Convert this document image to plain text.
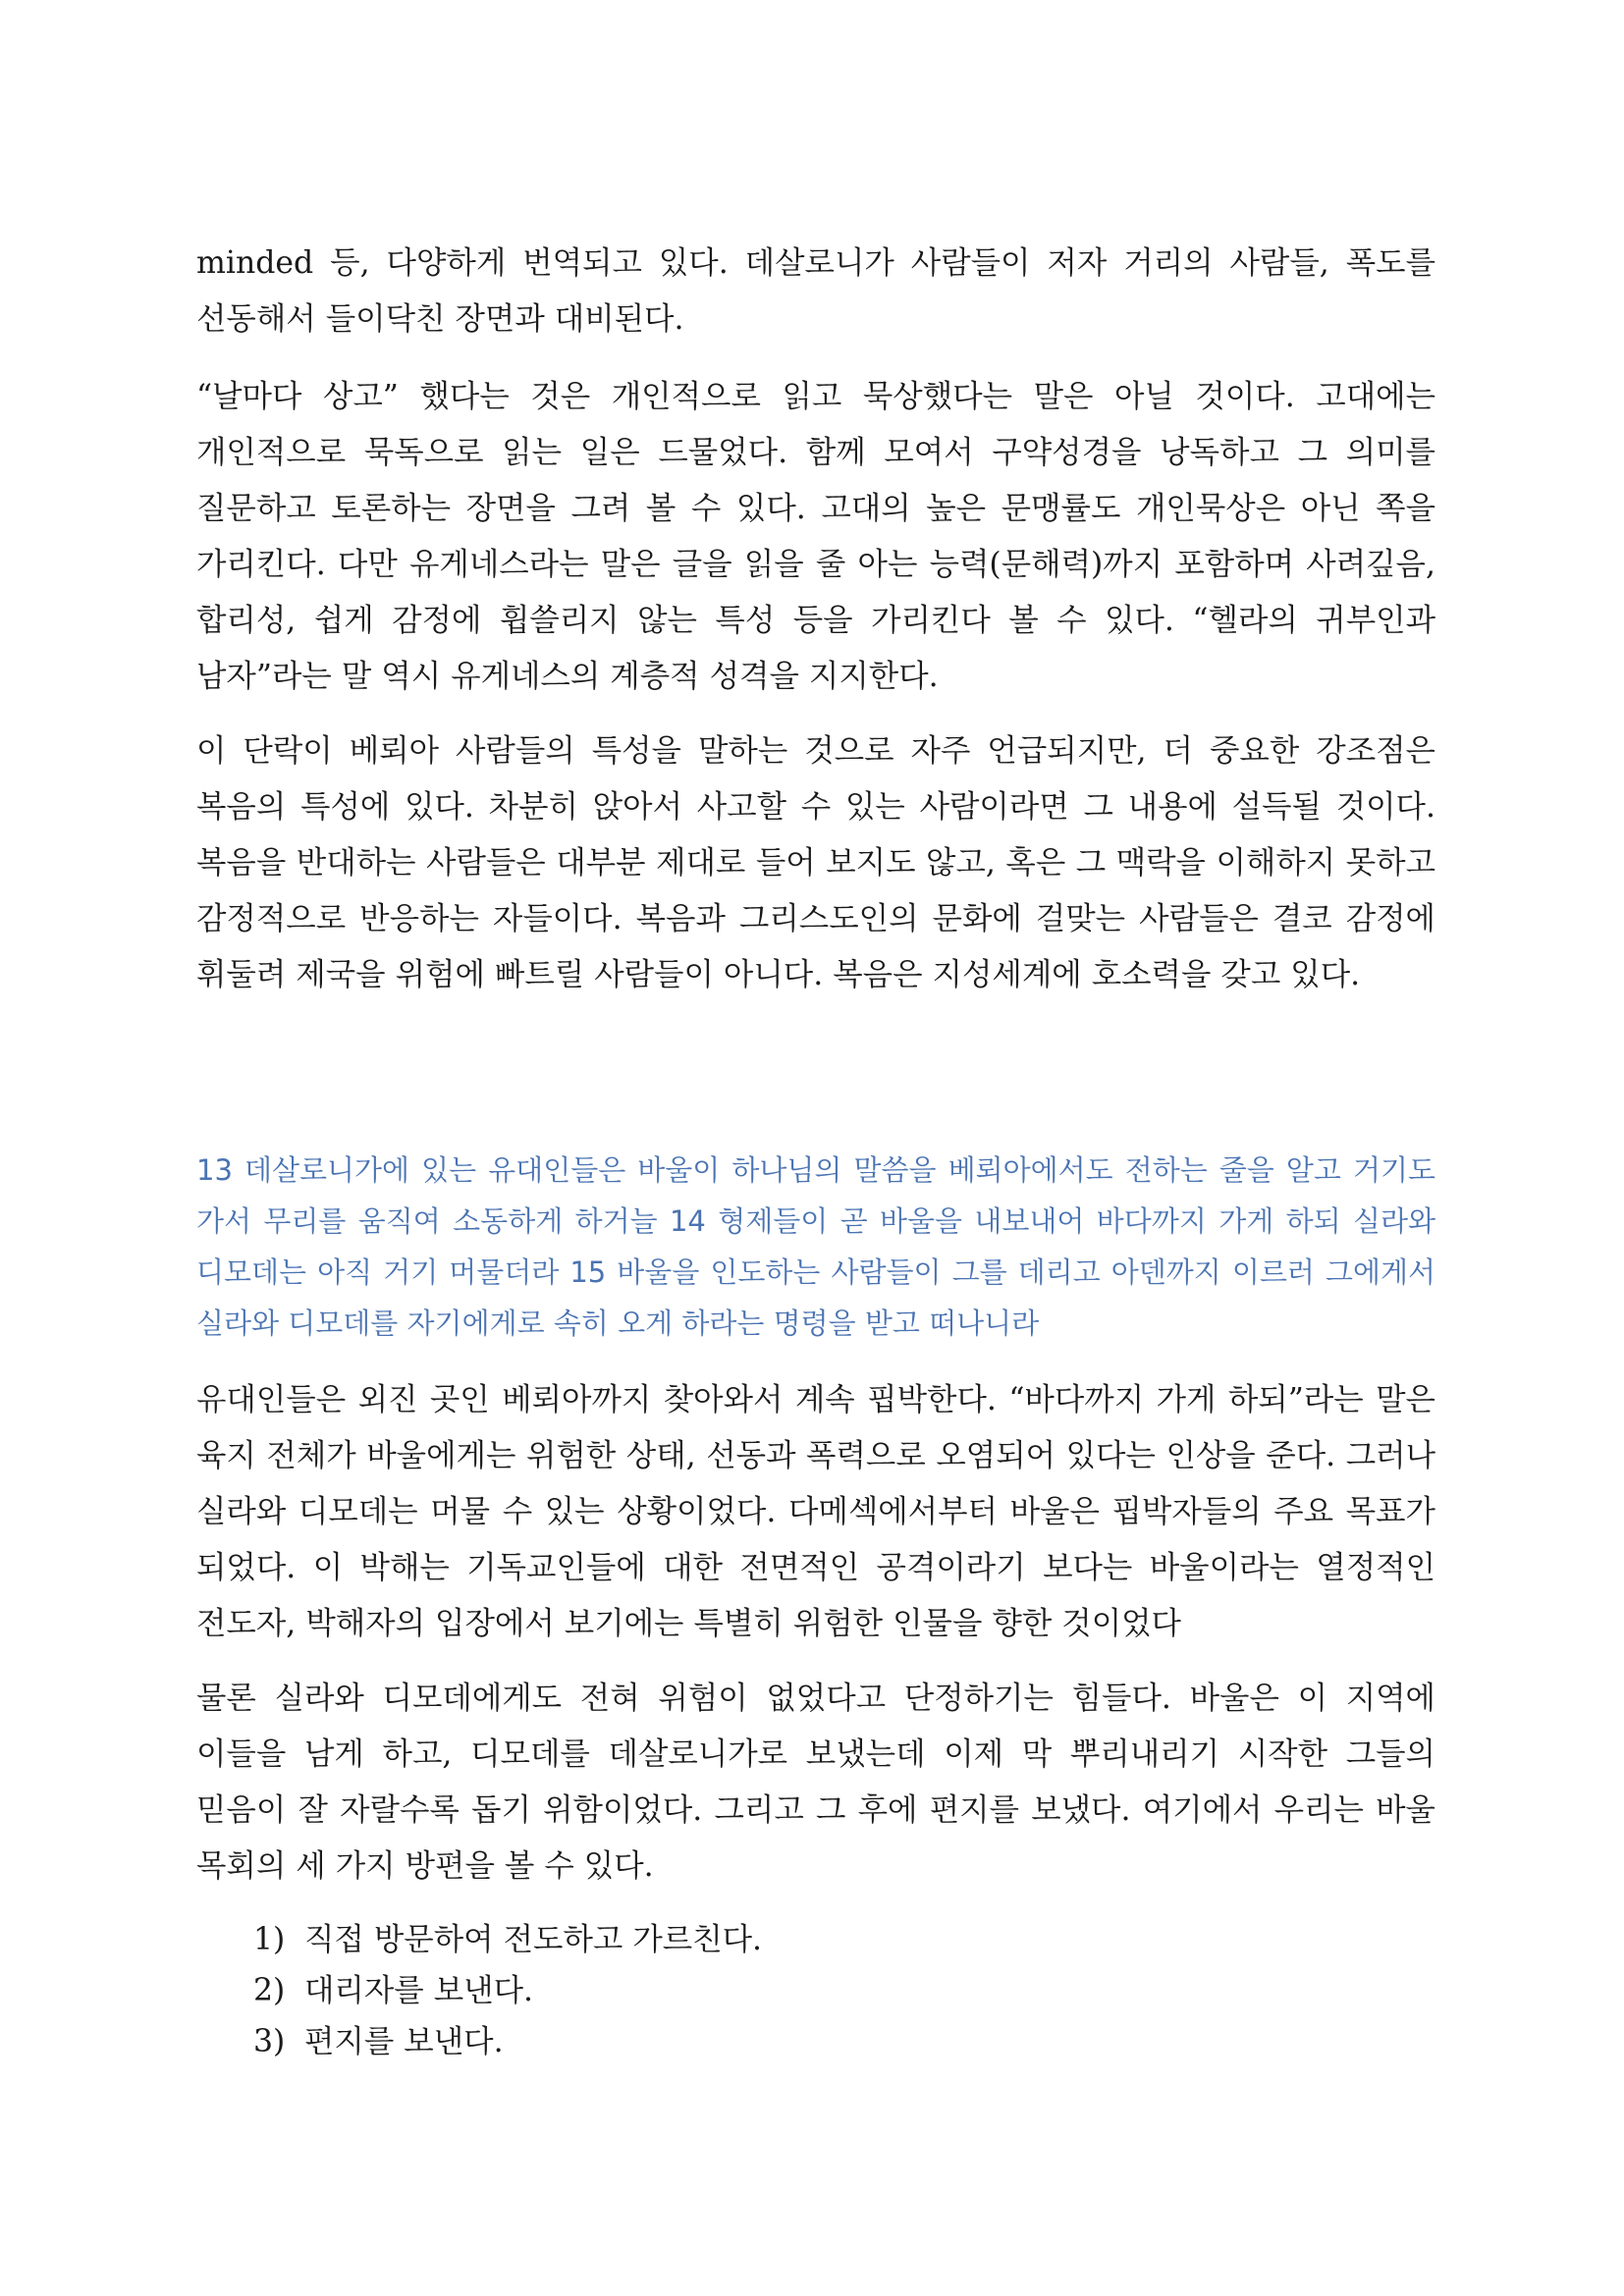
minded 등, 다양하게 번역되고 있다. 데살로니가 사람들이 저자 거리의 사람들, 폭도를 선동해서 들이닥친 장면과 대비된다.
“날마다 상고” 했다는 것은 개인적으로 읽고 묵상했다는 말은 아닐 것이다. 고대에는 개인적으로 묵독으로 읽는 일은 드물었다. 함께 모여서 구약성경을 낭독하고 그 의미를 질문하고 토론하는 장면을 그려 볼 수 있다. 고대의 높은 문맹률도 개인묵상은 아닌 쪽을 가리킨다. 다만 유게네스라는 말은 글을 읽을 줄 아는 능력(문해력)까지 포함하며 사려깊음, 합리성, 쉽게 감정에 휩쓸리지 않는 특성 등을 가리킨다 볼 수 있다. “헬라의 귀부인과 남자”라는 말 역시 유게네스의 계층적 성격을 지지한다.
이 단락이 베뢰아 사람들의 특성을 말하는 것으로 자주 언급되지만, 더 중요한 강조점은 복음의 특성에 있다. 차분히 앉아서 사고할 수 있는 사람이라면 그 내용에 설득될 것이다. 복음을 반대하는 사람들은 대부분 제대로 들어 보지도 않고, 혹은 그 맥락을 이해하지 못하고 감정적으로 반응하는 자들이다. 복음과 그리스도인의 문화에 걸맞는 사람들은 결코 감정에 휘둘려 제국을 위험에 빠트릴 사람들이 아니다. 복음은 지성세계에 호소력을 갖고 있다.
13 데살로니가에 있는 유대인들은 바울이 하나님의 말씀을 베뢰아에서도 전하는 줄을 알고 거기도 가서 무리를 움직여 소동하게 하거늘 14 형제들이 곧 바울을 내보내어 바다까지 가게 하되 실라와 디모데는 아직 거기 머물더라 15 바울을 인도하는 사람들이 그를 데리고 아덴까지 이르러 그에게서 실라와 디모데를 자기에게로 속히 오게 하라는 명령을 받고 떠나니라
유대인들은 외진 곳인 베뢰아까지 찾아와서 계속 핍박한다. “바다까지 가게 하되”라는 말은 육지 전체가 바울에게는 위험한 상태, 선동과 폭력으로 오염되어 있다는 인상을 준다. 그러나 실라와 디모데는 머물 수 있는 상황이었다. 다메섹에서부터 바울은 핍박자들의 주요 목표가 되었다. 이 박해는 기독교인들에 대한 전면적인 공격이라기 보다는 바울이라는 열정적인 전도자, 박해자의 입장에서 보기에는 특별히 위험한 인물을 향한 것이었다
물론 실라와 디모데에게도 전혀 위험이 없었다고 단정하기는 힘들다. 바울은 이 지역에 이들을 남게 하고, 디모데를 데살로니가로 보냈는데 이제 막 뿌리내리기 시작한 그들의 믿음이 잘 자랄수록 돕기 위함이었다. 그리고 그 후에 편지를 보냈다. 여기에서 우리는 바울 목회의 세 가지 방편을 볼 수 있다.
1) 직접 방문하여 전도하고 가르친다.
2) 대리자를 보낸다.
3) 편지를 보낸다.
